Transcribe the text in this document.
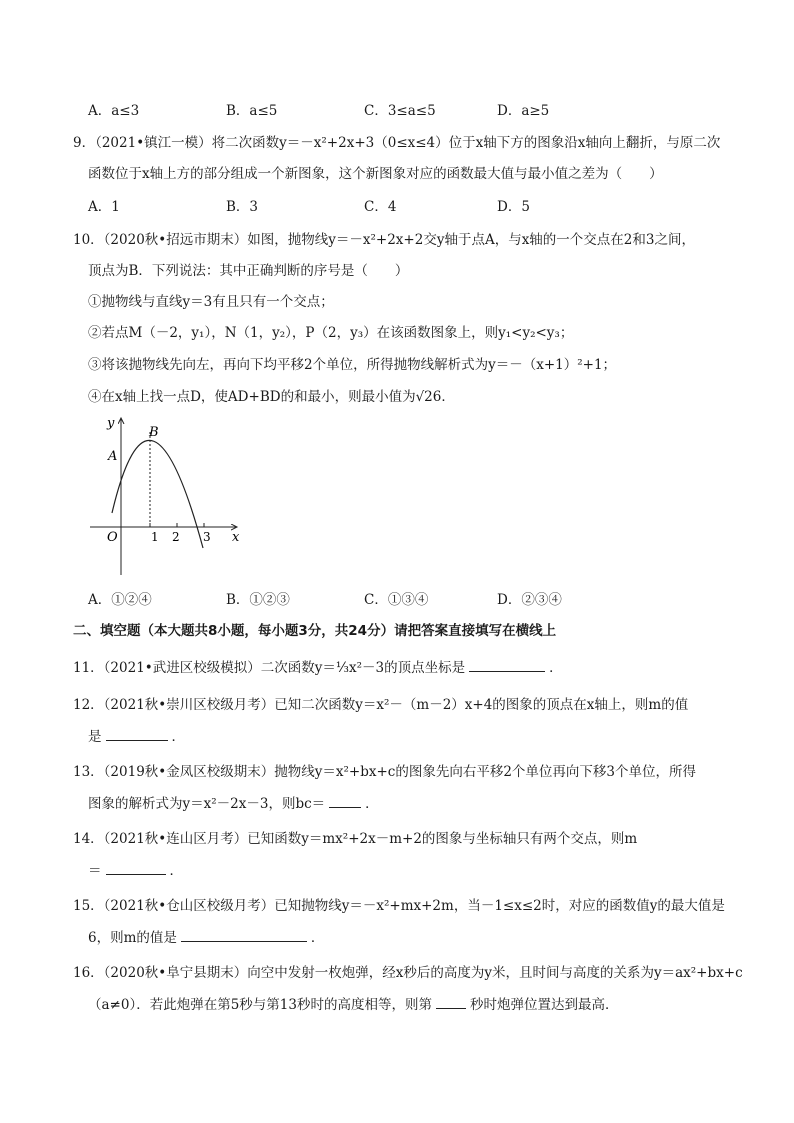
A．a≤3	B．a≤5	C．3≤a≤5	D．a≥5
9．（2021•镇江一模）将二次函数y＝－x²+2x+3（0≤x≤4）位于x轴下方的图象沿x轴向上翻折，与原二次
函数位于x轴上方的部分组成一个新图象，这个新图象对应的函数最大值与最小值之差为（　　）
A．1	B．3	C．4	D．5
10．（2020秋•招远市期末）如图，抛物线y＝－x²+2x+2交y轴于点A，与x轴的一个交点在2和3之间，
顶点为B．下列说法：其中正确判断的序号是（　　）
①抛物线与直线y＝3有且只有一个交点；
②若点M（－2，y₁），N（1，y₂），P（2，y₃）在该函数图象上，则y₁<y₂<y₃；
③将该抛物线先向左，再向下均平移2个单位，所得抛物线解析式为y＝－（x+1）²+1；
④在x轴上找一点D，使AD+BD的和最小，则最小值为√26．
y
x
O
A
B
1 2 3
A．①②④	B．①②③	C．①③④	D．②③④
二、填空题（本大题共8小题，每小题3分，共24分）请把答案直接填写在横线上
11．（2021•武进区校级模拟）二次函数y＝⅓x²－3的顶点坐标是	．
12．（2021秋•崇川区校级月考）已知二次函数y＝x²－（m－2）x+4的图象的顶点在x轴上，则m的值
是	．
13．（2019秋•金凤区校级期末）抛物线y＝x²+bx+c的图象先向右平移2个单位再向下移3个单位，所得
图象的解析式为y＝x²－2x－3，则bc＝	．
14．（2021秋•连山区月考）已知函数y＝mx²+2x－m+2的图象与坐标轴只有两个交点，则m
＝	．
15．（2021秋•仓山区校级月考）已知抛物线y＝－x²+mx+2m，当－1≤x≤2时，对应的函数值y的最大值是
6，则m的值是	．
16．（2020秋•阜宁县期末）向空中发射一枚炮弹，经x秒后的高度为y米，且时间与高度的关系为y＝ax²+bx+c
（a≠0）．若此炮弹在第5秒与第13秒时的高度相等，则第	秒时炮弹位置达到最高．
